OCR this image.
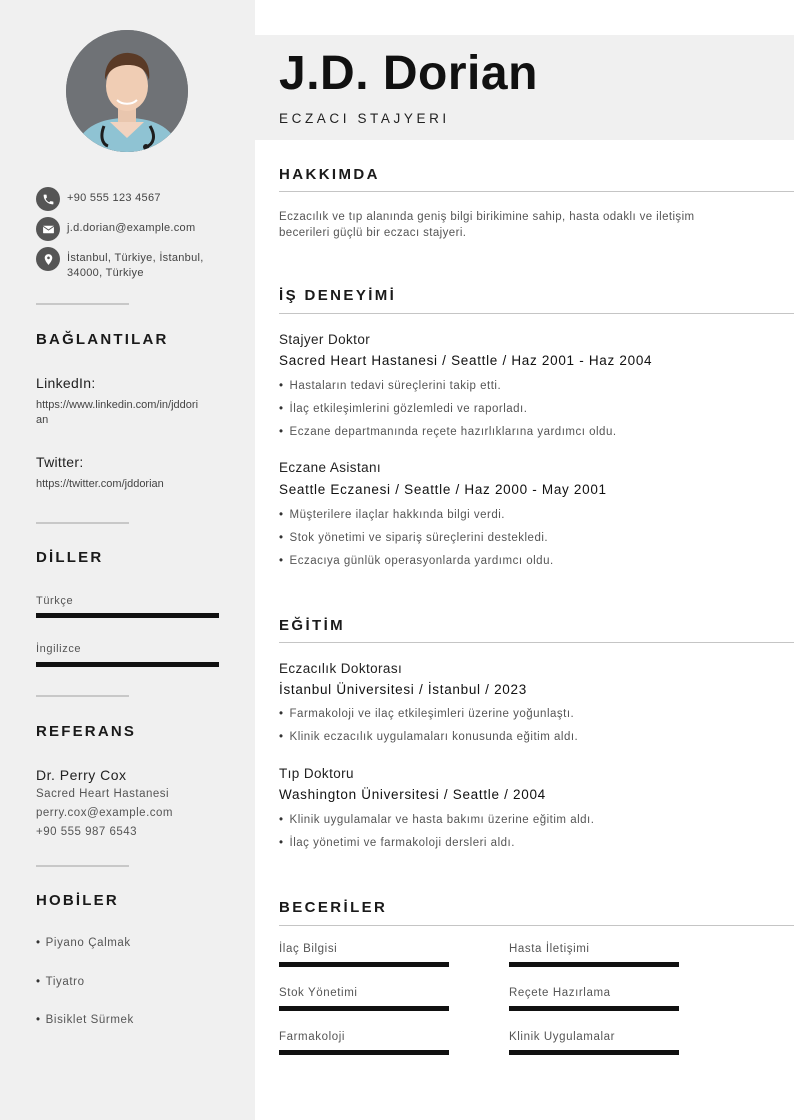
+90 555 123 4567
j.d.dorian@example.com
İstanbul, Türkiye, İstanbul,
34000, Türkiye
BAĞLANTILAR
LinkedIn:
https://www.linkedin.com/in/jddori
an
Twitter:
https://twitter.com/jddorian
DİLLER
Türkçe
İngilizce
REFERANS
Dr. Perry Cox
Sacred Heart Hastanesi
perry.cox@example.com
+90 555 987 6543
HOBİLER
• Piyano Çalmak
• Tiyatro
• Bisiklet Sürmek
J.D. Dorian
ECZACI STAJYERI
HAKKIMDA
Eczacılık ve tıp alanında geniş bilgi birikimine sahip, hasta odaklı ve iletişim
becerileri güçlü bir eczacı stajyeri.
İŞ DENEYİMİ
Stajyer Doktor
Sacred Heart Hastanesi / Seattle / Haz 2001 - Haz 2004
• Hastaların tedavi süreçlerini takip etti.
• İlaç etkileşimlerini gözlemledi ve raporladı.
• Eczane departmanında reçete hazırlıklarına yardımcı oldu.
Eczane Asistanı
Seattle Eczanesi / Seattle / Haz 2000 - May 2001
• Müşterilere ilaçlar hakkında bilgi verdi.
• Stok yönetimi ve sipariş süreçlerini destekledi.
• Eczacıya günlük operasyonlarda yardımcı oldu.
EĞİTİM
Eczacılık Doktorası
İstanbul Üniversitesi / İstanbul / 2023
• Farmakoloji ve ilaç etkileşimleri üzerine yoğunlaştı.
• Klinik eczacılık uygulamaları konusunda eğitim aldı.
Tıp Doktoru
Washington Üniversitesi / Seattle / 2004
• Klinik uygulamalar ve hasta bakımı üzerine eğitim aldı.
• İlaç yönetimi ve farmakoloji dersleri aldı.
BECERİLER
İlaç Bilgisi	Hasta İletişimi
Stok Yönetimi	Reçete Hazırlama
Farmakoloji	Klinik Uygulamalar
